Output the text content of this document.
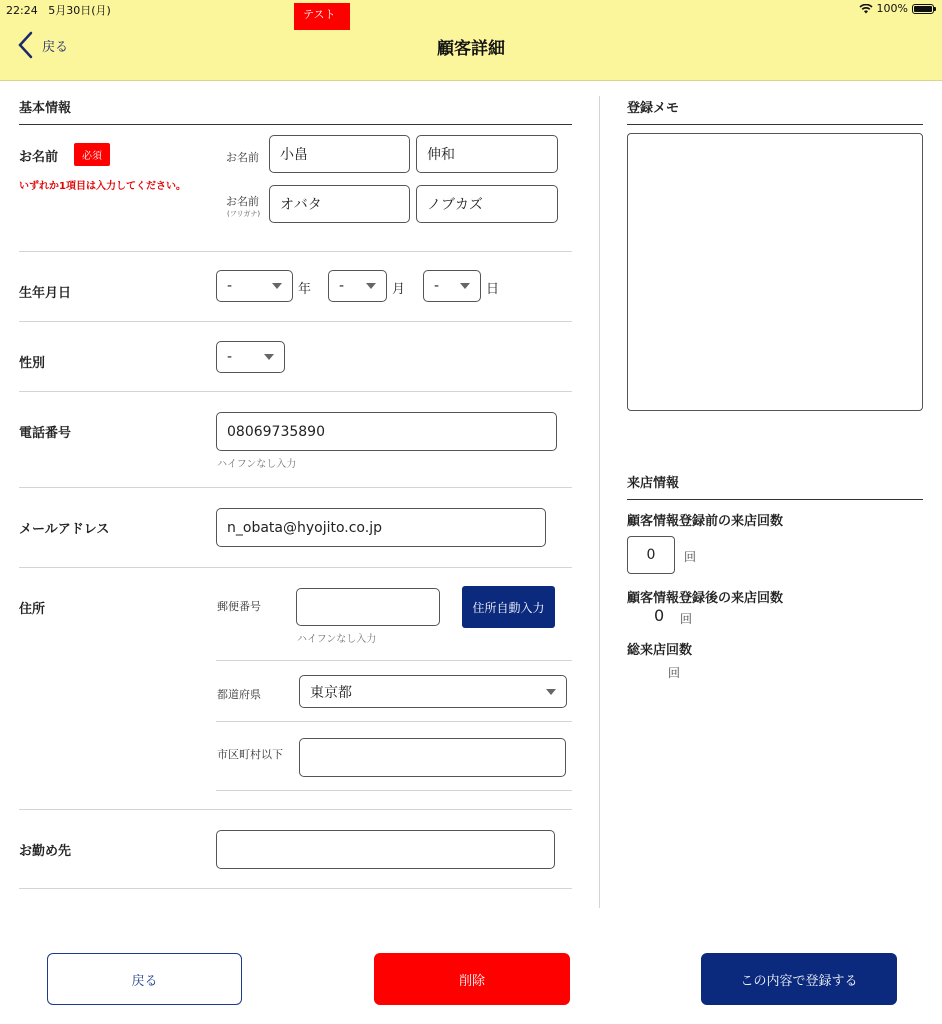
22:24 5月30日(月)	100%
テスト
戻る	顧客詳細
基本情報
お名前	必須
いずれか1項目は入力してください。
お名前	小畠	伸和
お名前
(フリガナ)
オバタ	ノブカズ
生年月日	-	年 -	月 -	日
性別	-
電話番号	08069735890
ハイフンなし入力
メールアドレス	n_obata@hyojito.co.jp
住所	郵便番号
ハイフンなし入力
住所自動入力
都道府県	東京都
市区町村以下
お勤め先
登録メモ
来店情報
顧客情報登録前の来店回数
0	回
顧客情報登録後の来店回数
0 回
総来店回数
回
戻る	削除	この内容で登録する
